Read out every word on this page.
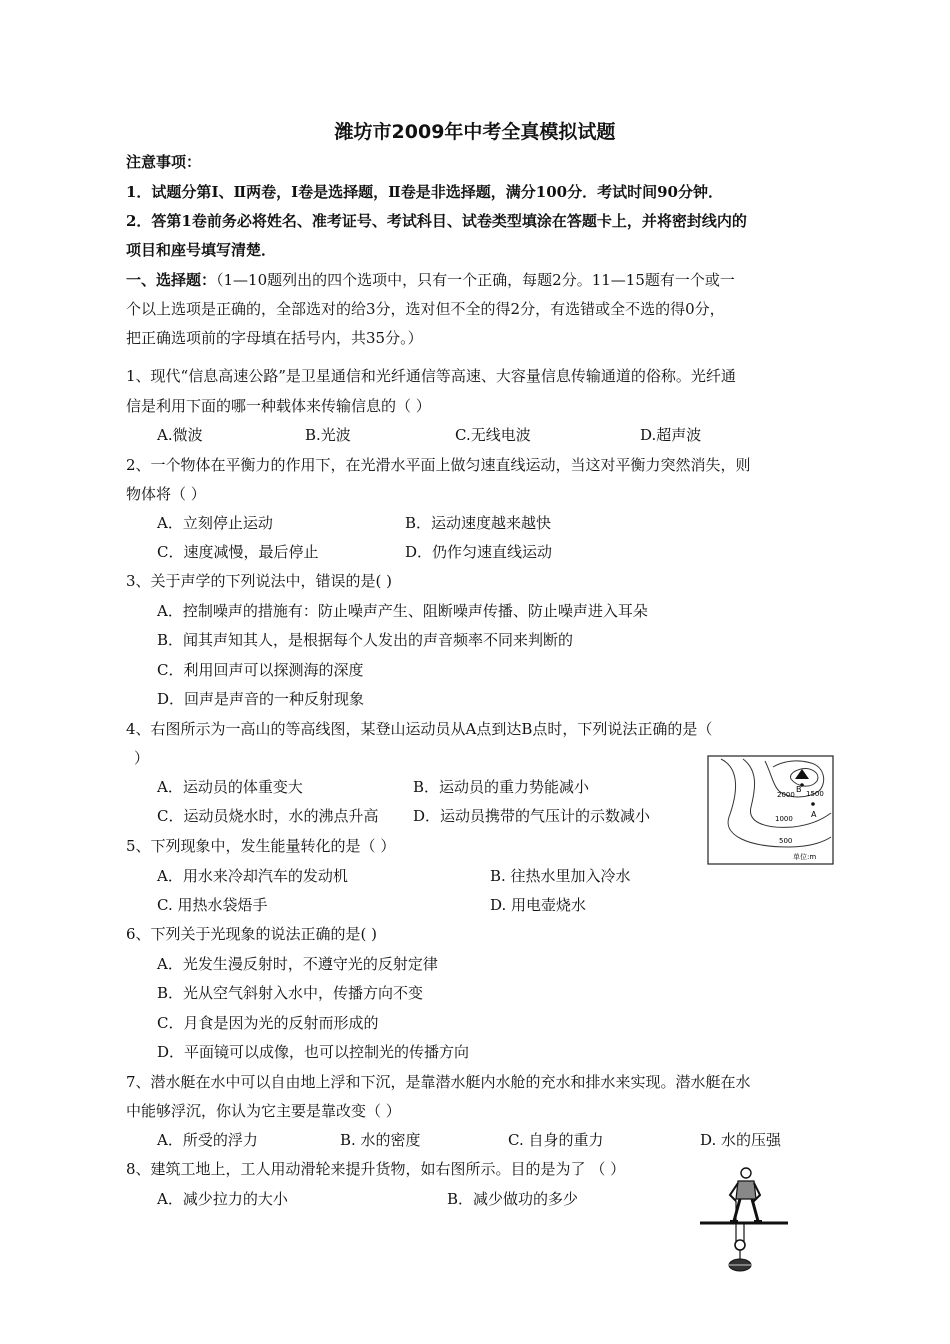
潍坊市2009年中考全真模拟试题
注意事项：
1．试题分第I、Ⅱ两卷，I卷是选择题，Ⅱ卷是非选择题，满分100分．考试时间90分钟．
2．答第1卷前务必将姓名、准考证号、考试科目、试卷类型填涂在答题卡上，并将密封线内的
项目和座号填写清楚．
一、选择题：（1—10题列出的四个选项中，只有一个正确，每题2分。11—15题有一个或一
个以上选项是正确的，全部选对的给3分，选对但不全的得2分，有选错或全不选的得0分，
把正确选项前的字母填在括号内，共35分。）
1、现代“信息高速公路”是卫星通信和光纤通信等高速、大容量信息传输通道的俗称。光纤通
信是利用下面的哪一种载体来传输信息的（ ）
A.微波	B.光波	C.无线电波	D.超声波
2、一个物体在平衡力的作用下，在光滑水平面上做匀速直线运动，当这对平衡力突然消失，则
物体将（ ）
A．立刻停止运动	B．运动速度越来越快
C．速度减慢，最后停止	D．仍作匀速直线运动
3、关于声学的下列说法中，错误的是( )
A．控制噪声的措施有：防止噪声产生、阻断噪声传播、防止噪声进入耳朵
B．闻其声知其人，是根据每个人发出的声音频率不同来判断的
C．利用回声可以探测海的深度
D．回声是声音的一种反射现象
4、右图所示为一高山的等高线图，某登山运动员从A点到达B点时，下列说法正确的是（
）
A．运动员的体重变大	B．运动员的重力势能减小
C．运动员烧水时，水的沸点升高 D．运动员携带的气压计的示数减小
B
A
2000 1500
1000
500
单位:m
5、下列现象中，发生能量转化的是（ ）
A．用水来冷却汽车的发动机	B. 往热水里加入冷水
C. 用热水袋焐手	D. 用电壶烧水
6、下列关于光现象的说法正确的是( )
A．光发生漫反射时，不遵守光的反射定律
B．光从空气斜射入水中，传播方向不变
C．月食是因为光的反射而形成的
D．平面镜可以成像，也可以控制光的传播方向
7、潜水艇在水中可以自由地上浮和下沉，是靠潜水艇内水舱的充水和排水来实现。潜水艇在水
中能够浮沉，你认为它主要是靠改变（ ）
A．所受的浮力	B. 水的密度	C. 自身的重力	D. 水的压强
8、建筑工地上，工人用动滑轮来提升货物，如右图所示。目的是为了 （ ）
A．减少拉力的大小	B．减少做功的多少
